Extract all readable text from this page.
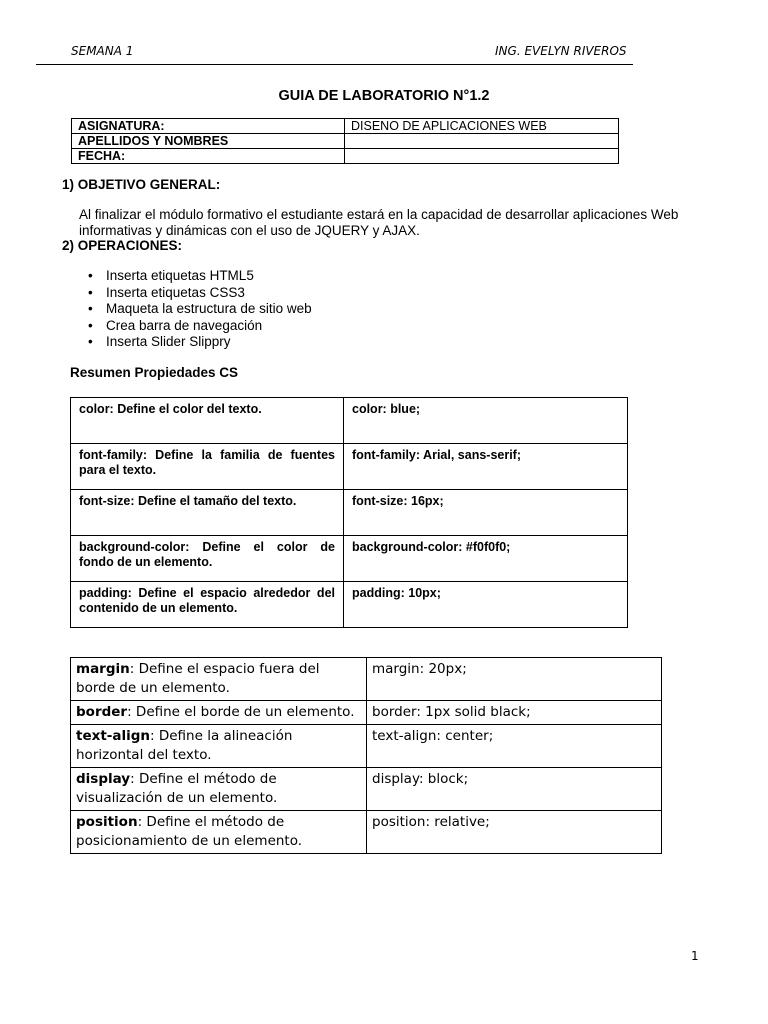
SEMANA 1	ING. EVELYN RIVEROS
GUIA DE LABORATORIO N°1.2
ASIGNATURA:	DISENO DE APLICACIONES WEB
APELLIDOS Y NOMBRES	
FECHA:	
1) OBJETIVO GENERAL:
Al finalizar el módulo formativo el estudiante estará en la capacidad de desarrollar aplicaciones Web informativas y dinámicas con el uso de JQUERY y AJAX.
2) OPERACIONES:
• Inserta etiquetas HTML5
• Inserta etiquetas CSS3
• Maqueta la estructura de sitio web
• Crea barra de navegación
• Inserta Slider Slippry
Resumen Propiedades CS
color: Define el color del texto.	color: blue;
font-family: Define la familia de fuentes para el texto.	font-family: Arial, sans-serif;
font-size: Define el tamaño del texto.	font-size: 16px;
background-color: Define el color de fondo de un elemento.	background-color: #f0f0f0;
padding: Define el espacio alrededor del contenido de un elemento.	padding: 10px;
margin: Define el espacio fuera del borde de un elemento.	margin: 20px;
border: Define el borde de un elemento.	border: 1px solid black;
text-align: Define la alineación horizontal del texto.	text-align: center;
display: Define el método de visualización de un elemento.	display: block;
position: Define el método de posicionamiento de un elemento.	position: relative;
1
